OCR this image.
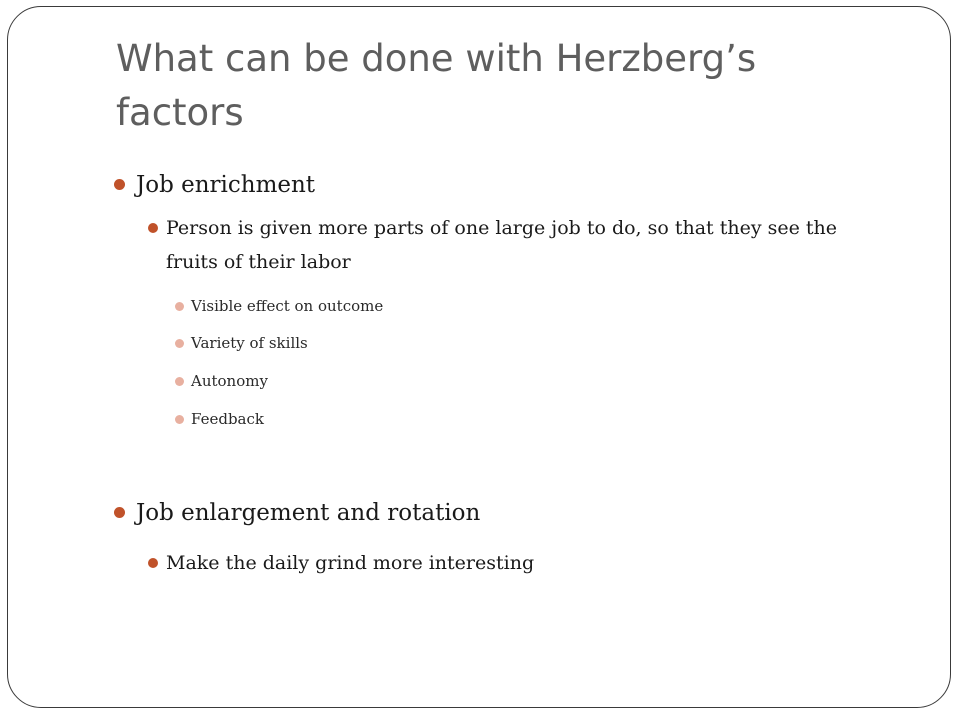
What can be done with Herzberg’s factors
Job enrichment
Person is given more parts of one large job to do, so that they see the fruits of their labor
Visible effect on outcome
Variety of skills
Autonomy
Feedback
Job enlargement and rotation
Make the daily grind more interesting
